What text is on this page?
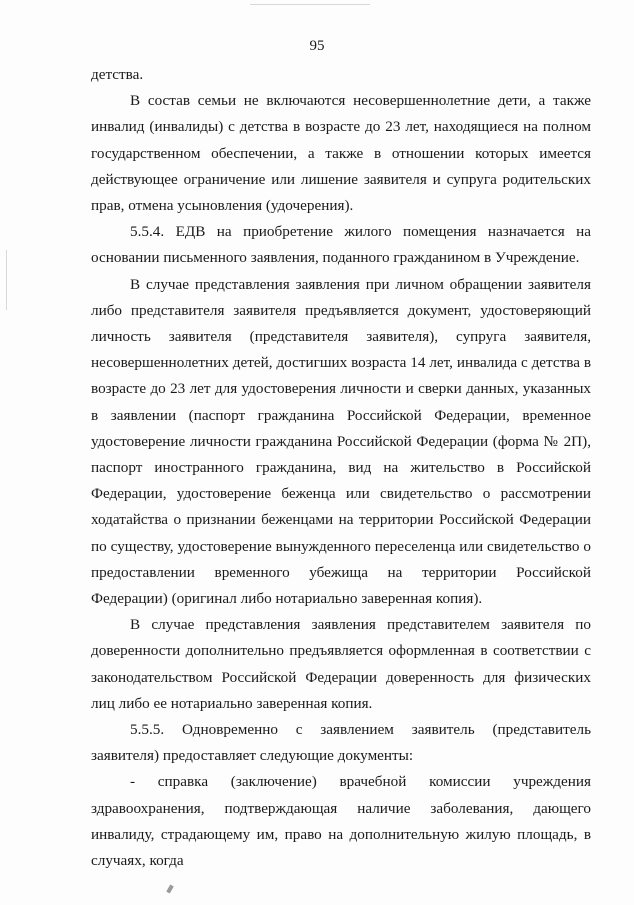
95

детства.

В состав семьи не включаются несовершеннолетние дети, а также инвалид (инвалиды) с детства в возрасте до 23 лет, находящиеся на полном государственном обеспечении, а также в отношении которых имеется действующее ограничение или лишение заявителя и супруга родительских прав, отмена усыновления (удочерения).

5.5.4. ЕДВ на приобретение жилого помещения назначается на основании письменного заявления, поданного гражданином в Учреждение.

В случае представления заявления при личном обращении заявителя либо представителя заявителя предъявляется документ, удостоверяющий личность заявителя (представителя заявителя), супруга заявителя, несовершеннолетних детей, достигших возраста 14 лет, инвалида с детства в возрасте до 23 лет для удостоверения личности и сверки данных, указанных в заявлении (паспорт гражданина Российской Федерации, временное удостоверение личности гражданина Российской Федерации (форма № 2П), паспорт иностранного гражданина, вид на жительство в Российской Федерации, удостоверение беженца или свидетельство о рассмотрении ходатайства о признании беженцами на территории Российской Федерации по существу, удостоверение вынужденного переселенца или свидетельство о предоставлении временного убежища на территории Российской Федерации) (оригинал либо нотариально заверенная копия).

В случае представления заявления представителем заявителя по доверенности дополнительно предъявляется оформленная в соответствии с законодательством Российской Федерации доверенность для физических лиц либо ее нотариально заверенная копия.

5.5.5. Одновременно с заявлением заявитель (представитель заявителя) предоставляет следующие документы:

- справка (заключение) врачебной комиссии учреждения здравоохранения, подтверждающая наличие заболевания, дающего инвалиду, страдающему им, право на дополнительную жилую площадь, в случаях, когда
